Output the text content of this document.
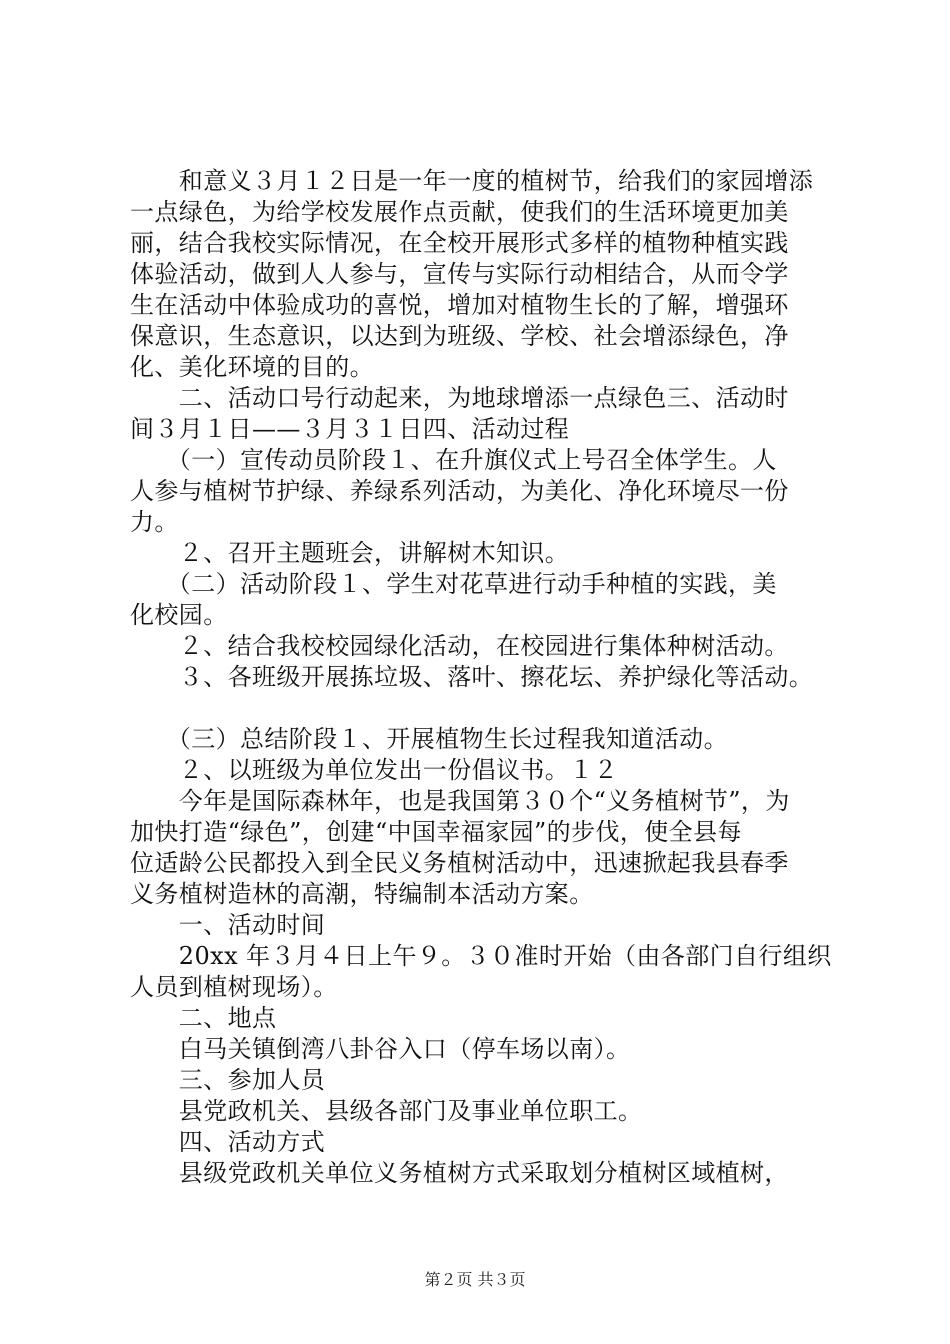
　　和意义３月１２日是一年一度的植树节，给我们的家园增添
一点绿色，为给学校发展作点贡献，使我们的生活环境更加美
丽，结合我校实际情况，在全校开展形式多样的植物种植实践
体验活动，做到人人参与，宣传与实际行动相结合，从而令学
生在活动中体验成功的喜悦，增加对植物生长的了解，增强环
保意识，生态意识，以达到为班级、学校、社会增添绿色，净
化、美化环境的目的。
　　二、活动口号行动起来，为地球增添一点绿色三、活动时
间３月１日——３月３１日四、活动过程
　　（一）宣传动员阶段１、在升旗仪式上号召全体学生。人
人参与植树节护绿、养绿系列活动，为美化、净化环境尽一份
力。
　　２、召开主题班会，讲解树木知识。
　　（二）活动阶段１、学生对花草进行动手种植的实践，美
化校园。
　　２、结合我校校园绿化活动，在校园进行集体种树活动。
　　３、各班级开展拣垃圾、落叶、擦花坛、养护绿化等活动。
　　（三）总结阶段１、开展植物生长过程我知道活动。
　　２、以班级为单位发出一份倡议书。１２
　　今年是国际森林年，也是我国第３０个“义务植树节”，为
加快打造“绿色”，创建“中国幸福家园”的步伐，使全县每
位适龄公民都投入到全民义务植树活动中，迅速掀起我县春季
义务植树造林的高潮，特编制本活动方案。
　　一、活动时间
　　20xx 年３月４日上午９。３０准时开始（由各部门自行组织
人员到植树现场）。
　　二、地点
　　白马关镇倒湾八卦谷入口（停车场以南）。
　　三、参加人员
　　县党政机关、县级各部门及事业单位职工。
　　四、活动方式
　　县级党政机关单位义务植树方式采取划分植树区域植树，
第２页 共３页
